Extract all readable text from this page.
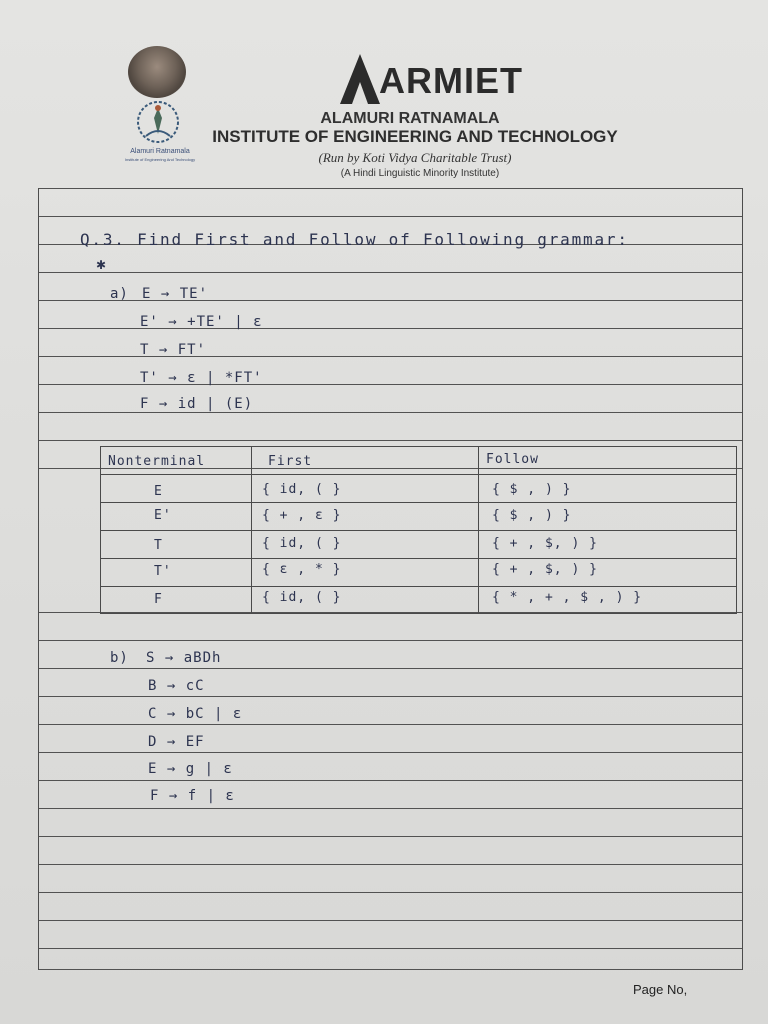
Alamuri Ratnamala
Institute of Engineering And Technology
ARMIET
ALAMURI RATNAMALA
INSTITUTE OF ENGINEERING AND TECHNOLOGY
(Run by Koti Vidya Charitable Trust)
(A Hindi Linguistic Minority Institute)
Q.3. Find First and Follow of Following grammar:
✱
a) E → TE'
E' → +TE' | ε
T → FT'
T' → ε | *FT'
F → id | (E)
Nonterminal	First	Follow
E	{ id, ( }	{ $ , ) }
E'	{ + , ε }	{ $ , ) }
T	{ id, ( }	{ + , $, ) }
T'	{ ε , * }	{ + , $, ) }
F	{ id, ( }	{ * , + , $ , ) }
b) S → aBDh
B → cC
C → bC | ε
D → EF
E → g | ε
F → f | ε
Page No,
